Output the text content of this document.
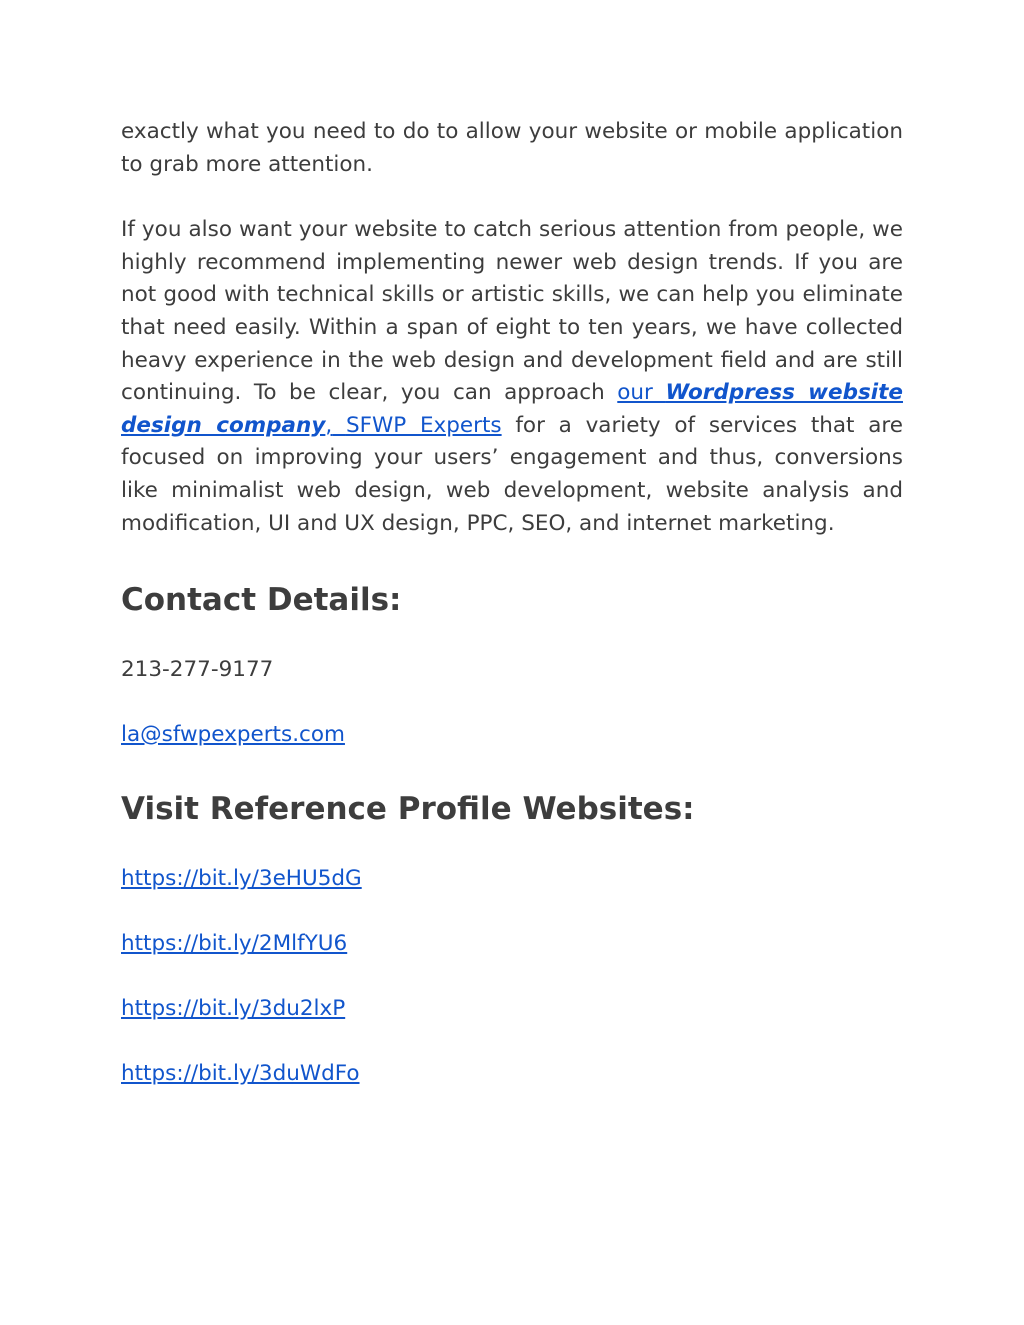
exactly what you need to do to allow your website or mobile application to grab more attention.

If you also want your website to catch serious attention from people, we highly recommend implementing newer web design trends. If you are not good with technical skills or artistic skills, we can help you eliminate that need easily. Within a span of eight to ten years, we have collected heavy experience in the web design and development field and are still continuing. To be clear, you can approach our Wordpress website design company, SFWP Experts for a variety of services that are focused on improving your users’ engagement and thus, conversions like minimalist web design, web development, website analysis and modification, UI and UX design, PPC, SEO, and internet marketing.

Contact Details:

213-277-9177

la@sfwpexperts.com

Visit Reference Profile Websites:

https://bit.ly/3eHU5dG

https://bit.ly/2MlfYU6

https://bit.ly/3du2lxP

https://bit.ly/3duWdFo
